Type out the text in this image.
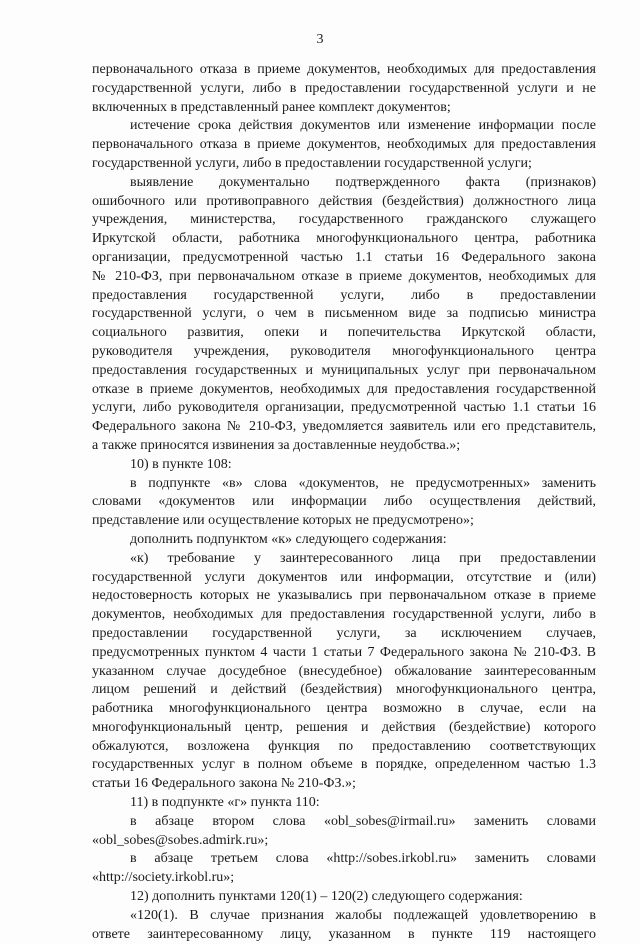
3
первоначального отказа в приеме документов, необходимых для предоставления
государственной услуги, либо в предоставлении государственной услуги и не
включенных в представленный ранее комплект документов;
истечение срока действия документов или изменение информации после
первоначального отказа в приеме документов, необходимых для предоставления
государственной услуги, либо в предоставлении государственной услуги;
выявление документально подтвержденного факта (признаков)
ошибочного или противоправного действия (бездействия) должностного лица
учреждения, министерства, государственного гражданского служащего
Иркутской области, работника многофункционального центра, работника
организации, предусмотренной частью 1.1 статьи 16 Федерального закона
№ 210-ФЗ, при первоначальном отказе в приеме документов, необходимых для
предоставления государственной услуги, либо в предоставлении
государственной услуги, о чем в письменном виде за подписью министра
социального развития, опеки и попечительства Иркутской области,
руководителя учреждения, руководителя многофункционального центра
предоставления государственных и муниципальных услуг при первоначальном
отказе в приеме документов, необходимых для предоставления государственной
услуги, либо руководителя организации, предусмотренной частью 1.1 статьи 16
Федерального закона № 210-ФЗ, уведомляется заявитель или его представитель,
а также приносятся извинения за доставленные неудобства.»;
10) в пункте 108:
в подпункте «в» слова «документов, не предусмотренных» заменить
словами «документов или информации либо осуществления действий,
представление или осуществление которых не предусмотрено»;
дополнить подпунктом «к» следующего содержания:
«к) требование у заинтересованного лица при предоставлении
государственной услуги документов или информации, отсутствие и (или)
недостоверность которых не указывались при первоначальном отказе в приеме
документов, необходимых для предоставления государственной услуги, либо в
предоставлении государственной услуги, за исключением случаев,
предусмотренных пунктом 4 части 1 статьи 7 Федерального закона № 210-ФЗ. В
указанном случае досудебное (внесудебное) обжалование заинтересованным
лицом решений и действий (бездействия) многофункционального центра,
работника многофункционального центра возможно в случае, если на
многофункциональный центр, решения и действия (бездействие) которого
обжалуются, возложена функция по предоставлению соответствующих
государственных услуг в полном объеме в порядке, определенном частью 1.3
статьи 16 Федерального закона № 210-ФЗ.»;
11) в подпункте «г» пункта 110:
в абзаце втором слова «obl_sobes@irmail.ru» заменить словами
«obl_sobes@sobes.admirk.ru»;
в абзаце третьем слова «http://sobes.irkobl.ru» заменить словами
«http://society.irkobl.ru»;
12) дополнить пунктами 120(1) – 120(2) следующего содержания:
«120(1). В случае признания жалобы подлежащей удовлетворению в
ответе заинтересованному лицу, указанном в пункте 119 настоящего
